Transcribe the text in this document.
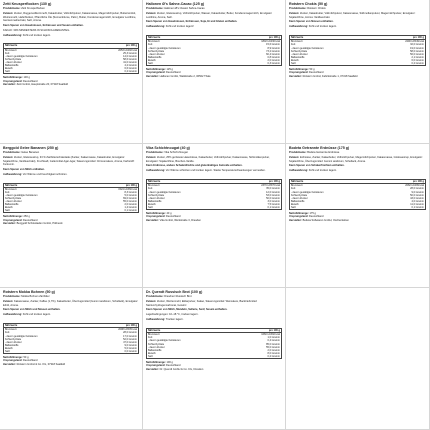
Zetti Knusperflocken (130 g)
Produktname: Zetti Knusperflocken
Zutaten: Zucker, Roggenvollkornmehl, Kakaobutter, Vollmilchpulver, Kakaomasse, Magermilchpulver, Butterreinfett, Weizenmehl, Haferflocken, Pflanzliche Öle (Sonnenblume, Palm), Butter, Kondensmagermilch, Emulgator Lecithine, Gerstenmalzextrakt, Salz, Aroma.
Kann Spuren von Haselnüssen, Erdnüssen und Sesam enthalten.
KAKAO: 30% MINDESTENS IN SCHOKOLADENANTEIL.
Aufbewahrung: Kühl und trocken lagern.
Nährwerte	pro 100 g
Brennwert	2053 kJ/492 kcal
Fett	25,3 Gramm
- davon gesättigte Fettsäuren	14,0 Gramm
Kohlenhydrate	58,6 Gramm
- davon Zucker	41,0 Gramm
Ballaststoffe	4,2 Gramm
Eiweiß	6,6 Gramm
Salz	0,2 Gramm
Nettofüllmenge: 130 g
Ursprungsland: Deutschland
Hersteller: Zetti GmbH, Hauptstraße 20, 07318 Saalfeld
Hallonen Ø's Sahne-Cacao (125 g)
Produktname: Hallonen Ø's Classic Sahne-Cacao
Zutaten: Zucker, Glukosesirup, Vollmilchpulver, Wasser, Kakaobutter, Butter, Kondensmagermilch, Emulgator Lecithine, Aroma, Salz.
Kann Spuren von Haselnüssen, Erdnüssen, Soja, Ei und Gluten enthalten.
Aufbewahrung: Kühl und trocken lagern!
Nährwerte	pro 100 g
Brennwert	1802 kJ/430 kcal
Fett	15,6 Gramm
- davon gesättigte Fettsäuren	8,9 Gramm
Kohlenhydrate	73,2 Gramm
- davon Zucker	60,4 Gramm
Ballaststoffe	0,8 Gramm
Eiweiß	2,0 Gramm
Salz	0,3 Gramm
Nettofüllmenge: 125 g
Ursprungsland: Deutschland
Hersteller: Hallonen GmbH, Waldstraße 2, 06502 Thale
Rotstern Chokis (50 g)
Produktname: Rotstern Chokis
Zutaten: Zucker, Kakaobutter, Vollmilchpulver, Kakaomasse, Süßmolkenpulver, Magermilchpulver, Emulgator: Sojalecithine, Aroma: Vanilleextrakt.
Kann Spuren von Nüssen enthalten.
Aufbewahrung: Kühl und trocken lagern.
Nährwerte	pro 100 g
Brennwert	2290 kJ/549 kcal
Fett	32,0 Gramm
- davon gesättigte Fettsäuren	19,0 Gramm
Kohlenhydrate	58,0 Gramm
- davon Zucker	56,0 Gramm
Ballaststoffe	2,1 Gramm
Eiweiß	6,0 Gramm
Salz	0,2 Gramm
Nettofüllmenge: 50 g
Ursprungsland: Deutschland
Hersteller: Rotstern GmbH, Fabrikstraße 1, 07318 Saalfeld
Berggold Gelee Bananen (250 g)
Produktname: Gelee Bananen
Zutaten: Zucker, Glukosesirup, 33 % Zartbitterschokolade (Zucker, Kakaomasse, Kakaobutter, Emulgator: Sojalecithine, Vanilleextrakt), Fruchtsaft, Geliermittel Agar-Agar, Säuerungsmittel: Citronensäure, Aroma, Farbstoff: Kurkumin.
Kann Spuren von Milch enthalten.
Aufbewahrung: Vor Wärme und Feuchtigkeit schützen.
Nährwerte	pro 100 g
Brennwert	1524 kJ/360 kcal
Fett	8,3 Gramm
- davon gesättigte Fettsäuren	5,0 Gramm
Kohlenhydrate	69,0 Gramm
- davon Zucker	55,0 Gramm
Ballaststoffe	2,0 Gramm
Eiweiß	1,4 Gramm
Salz	0,1 Gramm
Nettofüllmenge: 250 g
Ursprungsland: Deutschland
Hersteller: Berggold Schokoladen GmbH, Pößneck
Vika Schichtnougat (40 g)
Produktname: Vika Schicht-Nougat
Zutaten: Zucker, 25% geröstete Haselnüsse, Kakaobutter, Vollmilchpulver, Kakaomasse, Süßmolkenpulver, Emulgator: Sojalecithine, Bourbon-Vanille.
Kann Erdnüsse, andere Schalenfrüchte und glutenhaltiges Getreide enthalten.
Aufbewahrung: Vor Wärme schützen und trocken lagern. Starke Temperaturschwankungen vermeiden.
Nährwerte	pro 100 g
Brennwert	2370 kJ/570 kcal
Fett	35,0 Gramm
- davon gesättigte Fettsäuren	12,0 Gramm
Kohlenhydrate	53,0 Gramm
- davon Zucker	50,0 Gramm
Ballaststoffe	3,0 Gramm
Eiweiß	7,5 Gramm
Salz	0,1 Gramm
Nettofüllmenge: 40 g
Ursprungsland: Deutschland
Hersteller: Vika GmbH, Werkstraße 3, Dresden
Bodeta Getrannte Erdnüsse (175 g)
Produktname: Bodeta Getrannte Erdnüsse
Zutaten: Erdnüsse, Zucker, Kakaobutter, Vollmilchpulver, Magermilchpulver, Kakaomasse, Glukosesirup, Emulgator: Sojalecithine, Überzugsmittel: Gummi arabicum, Schellack, Aroma.
Kann Spuren von Schalenfrüchten enthalten.
Aufbewahrung: Kühl und trocken lagern.
Nährwerte	pro 100 g
Brennwert	2082 kJ/499 kcal
Fett	28,0 Gramm
- davon gesättigte Fettsäuren	9,0 Gramm
Kohlenhydrate	50,0 Gramm
- davon Zucker	43,0 Gramm
Ballaststoffe	4,0 Gramm
Eiweiß	11,0 Gramm
Salz	0,1 Gramm
Nettofüllmenge: 175 g
Ursprungsland: Deutschland
Hersteller: Bodeta Süßwaren GmbH, Oschersleben
Rotstern Mokka Bohnen (50 g)
Produktname: Mokka Bohnen Zartbitter
Zutaten: Kakaomasse, Zucker, Kaffee (1,7%), Kakaobutter, Überzugsmittel (Gummi arabicum, Schellack), Emulgator: E442, Aroma.
Kann Spuren von Milch und Nüssen enthalten.
Aufbewahrung: Kühl und trocken lagern.
Nährwerte	pro 100 g
Brennwert	2098 kJ/505 kcal
Fett	28,0 Gramm
- davon gesättigte Fettsäuren	17,0 Gramm
Kohlenhydrate	52,0 Gramm
- davon Zucker	47,0 Gramm
Ballaststoffe	9,0 Gramm
Eiweiß	5,0 Gramm
Salz	0,0 Gramm
Nettofüllmenge: 50 g
Ursprungsland: Deutschland
Hersteller: Rotstern GmbH & Co. KG, 07318 Saalfeld
Dr. Quendt Russisch Brot (100 g)
Produktname: Dresdner Russisch Brot
Zutaten: Zucker, Weizenmehl, Eiklarpulver, Kakao, Säuerungsmittel: Weinsäure, Backtriebmittel: Natriumhydrogencarbonat, Gewürz.
Kann Spuren von Milch, Mandeln, Sellerie, Senf, Sesam enthalten.
Lagerbedingungen: 10–18 °C, trocken lagern.
Aufbewahrung: Trocken lagern.
Nährwerte	pro 100 g
Brennwert	1660 kJ/392 kcal
Fett	1,0 Gramm
- davon gesättigte Fettsäuren	0,4 Gramm
Kohlenhydrate	85,0 Gramm
- davon Zucker	55,0 Gramm
Ballaststoffe	2,0 Gramm
Eiweiß	8,0 Gramm
Salz	0,2 Gramm
Nettofüllmenge: 100 g
Ursprungsland: Deutschland
Hersteller: Dr. Quendt GmbH & Co. KG, Dresden
